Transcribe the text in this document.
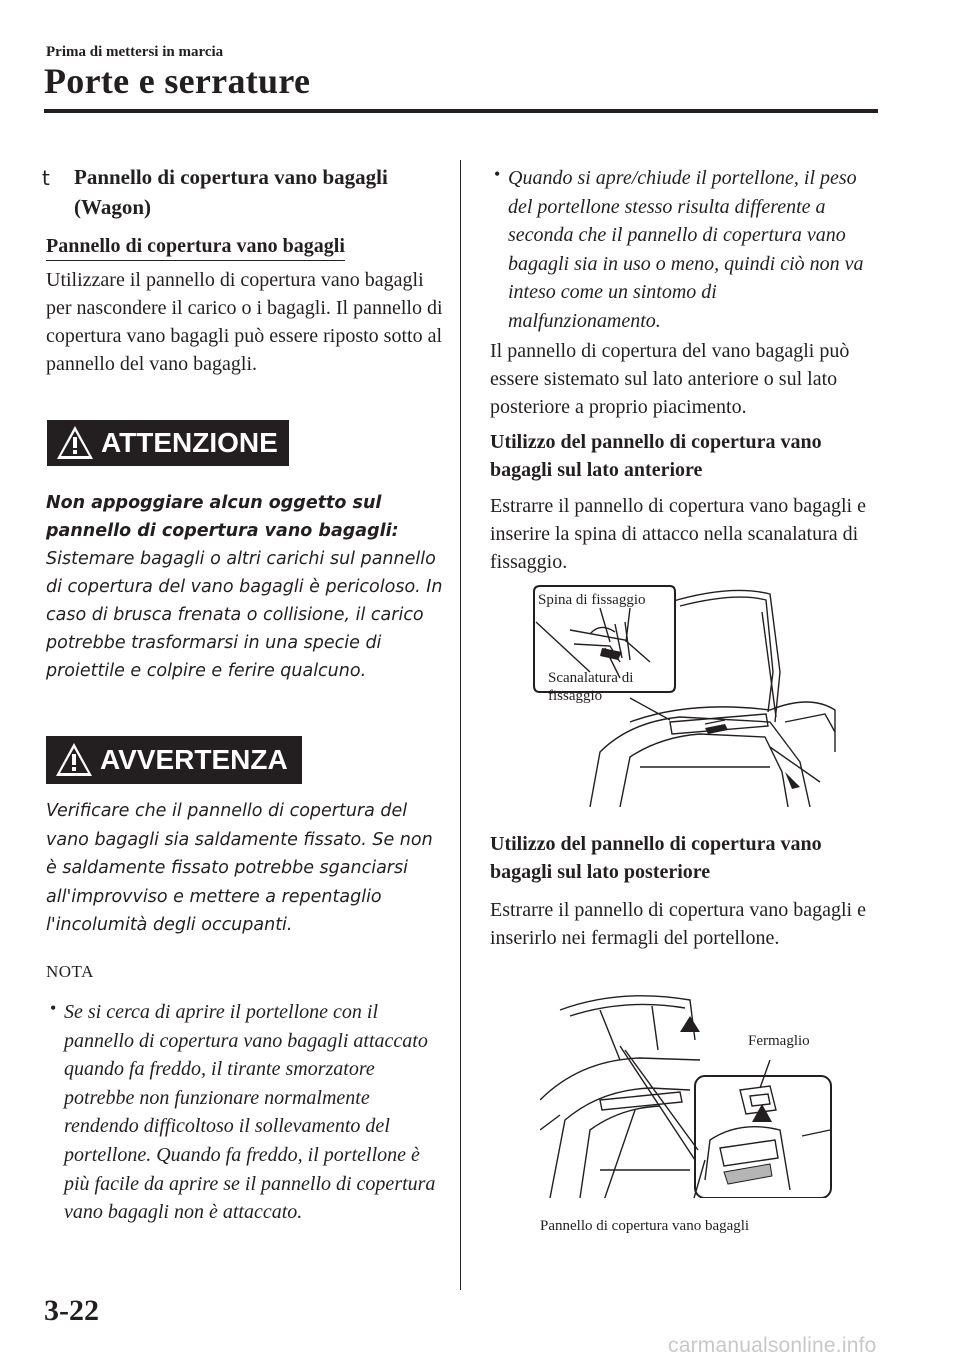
Prima di mettersi in marcia
Porte e serrature
t Pannello di copertura vano bagagli (Wagon)
Pannello di copertura vano bagagli
Utilizzare il pannello di copertura vano bagagli per nascondere il carico o i bagagli. Il pannello di copertura vano bagagli può essere riposto sotto al pannello del vano bagagli.
ATTENZIONE
Non appoggiare alcun oggetto sul pannello di copertura vano bagagli:
Sistemare bagagli o altri carichi sul pannello di copertura del vano bagagli è pericoloso. In caso di brusca frenata o collisione, il carico potrebbe trasformarsi in una specie di proiettile e colpire e ferire qualcuno.
AVVERTENZA
Verificare che il pannello di copertura del vano bagagli sia saldamente fissato. Se non è saldamente fissato potrebbe sganciarsi all'improvviso e mettere a repentaglio l'incolumità degli occupanti.
NOTA
• Se si cerca di aprire il portellone con il pannello di copertura vano bagagli attaccato quando fa freddo, il tirante smorzatore potrebbe non funzionare normalmente rendendo difficoltoso il sollevamento del portellone. Quando fa freddo, il portellone è più facile da aprire se il pannello di copertura vano bagagli non è attaccato.
• Quando si apre/chiude il portellone, il peso del portellone stesso risulta differente a seconda che il pannello di copertura vano bagagli sia in uso o meno, quindi ciò non va inteso come un sintomo di malfunzionamento.
Il pannello di copertura del vano bagagli può essere sistemato sul lato anteriore o sul lato posteriore a proprio piacimento.
Utilizzo del pannello di copertura vano bagagli sul lato anteriore
Estrarre il pannello di copertura vano bagagli e inserire la spina di attacco nella scanalatura di fissaggio.
Spina di fissaggio
Scanalatura di fissaggio
Utilizzo del pannello di copertura vano bagagli sul lato posteriore
Estrarre il pannello di copertura vano bagagli e inserirlo nei fermagli del portellone.
Fermaglio
Pannello di copertura vano bagagli
3-22
carmanualsonline.info
